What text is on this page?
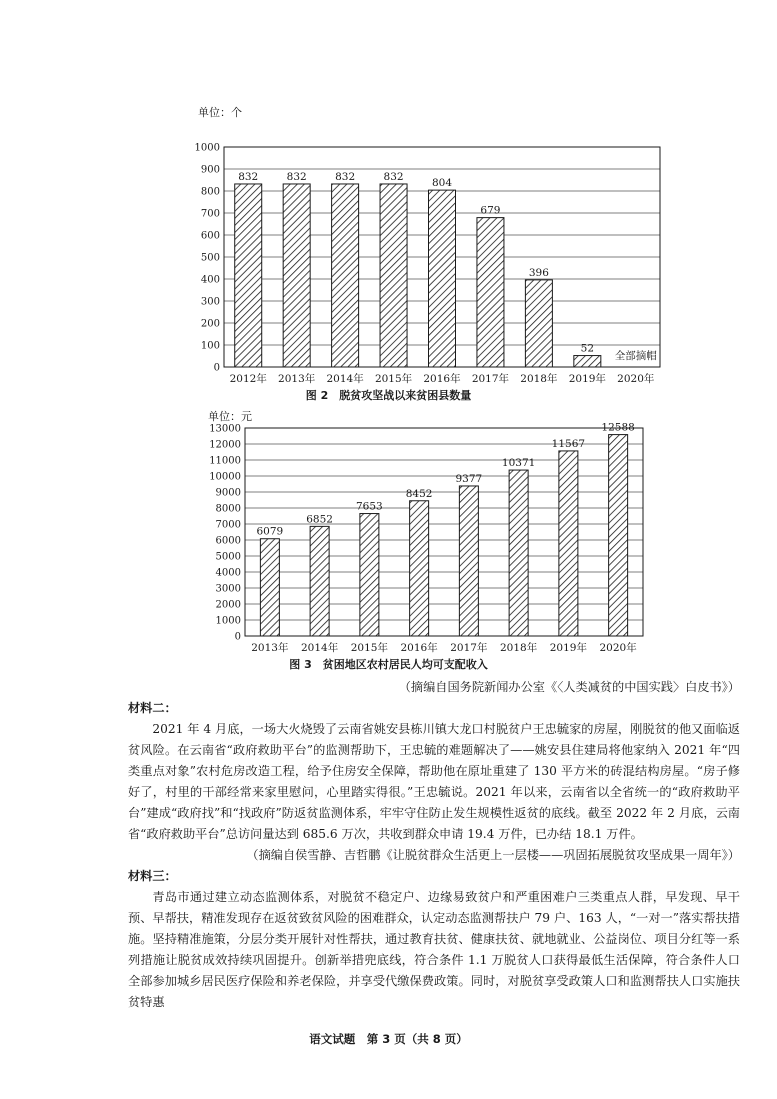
单位：个
0
100
200
300
400
500
600
700
800
900
1000
832
2012年
832
2013年
832
2014年
832
2015年
804
2016年
679
2017年
396
2018年
52
2019年
全部摘帽
2020年
图 2　脱贫攻坚战以来贫困县数量
单位：元
0
1000
2000
3000
4000
5000
6000
7000
8000
9000
10000
11000
12000
13000
6079
2013年
6852
2014年
7653
2015年
8452
2016年
9377
2017年
10371
2018年
11567
2019年
12588
2020年
图 3　贫困地区农村居民人均可支配收入

（摘编自国务院新闻办公室《〈人类减贫的中国实践〉白皮书》）

材料二：

2021 年 4 月底，一场大火烧毁了云南省姚安县栋川镇大龙口村脱贫户王忠毓家的房屋，刚脱贫的他又面临返贫风险。在云南省“政府救助平台”的监测帮助下，王忠毓的难题解决了——姚安县住建局将他家纳入 2021 年“四类重点对象”农村危房改造工程，给予住房安全保障，帮助他在原址重建了 130 平方米的砖混结构房屋。“房子修好了，村里的干部经常来家里慰问，心里踏实得很。”王忠毓说。2021 年以来，云南省以全省统一的“政府救助平台”建成“政府找”和“找政府”防返贫监测体系，牢牢守住防止发生规模性返贫的底线。截至 2022 年 2 月底，云南省“政府救助平台”总访问量达到 685.6 万次，共收到群众申请 19.4 万件，已办结 18.1 万件。

（摘编自侯雪静、吉哲鹏《让脱贫群众生活更上一层楼——巩固拓展脱贫攻坚成果一周年》）

材料三：

青岛市通过建立动态监测体系，对脱贫不稳定户、边缘易致贫户和严重困难户三类重点人群，早发现、早干预、早帮扶，精准发现存在返贫致贫风险的困难群众，认定动态监测帮扶户 79 户、163 人，“一对一”落实帮扶措施。坚持精准施策，分层分类开展针对性帮扶，通过教育扶贫、健康扶贫、就地就业、公益岗位、项目分红等一系列措施让脱贫成效持续巩固提升。创新举措兜底线，符合条件 1.1 万脱贫人口获得最低生活保障，符合条件人口全部参加城乡居民医疗保险和养老保险，并享受代缴保费政策。同时，对脱贫享受政策人口和监测帮扶人口实施扶贫特惠

语文试题　第 3 页（共 8 页）
